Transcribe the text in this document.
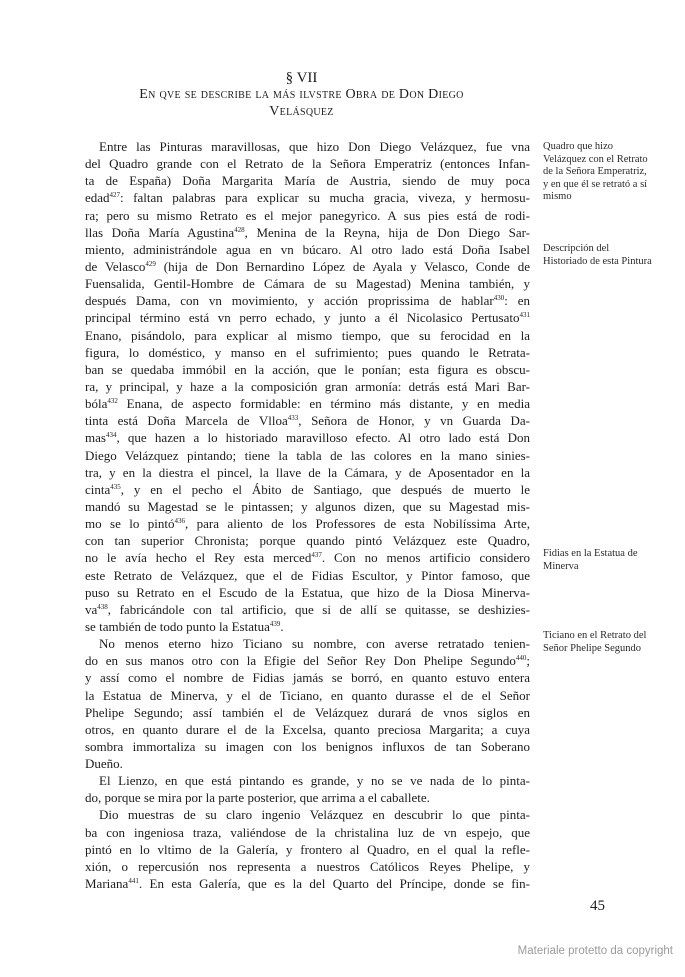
§ VII
En qve se describe la más ilvstre Obra de Don Diego
Velásquez
Entre las Pinturas maravillosas, que hizo Don Diego Velázquez, fue vna
del Quadro grande con el Retrato de la Señora Emperatriz (entonces Infan-
ta de España) Doña Margarita María de Austria, siendo de muy poca
edad$^{427}$: faltan palabras para explicar su mucha gracia, viveza, y hermosu-
ra; pero su mismo Retrato es el mejor panegyrico. A sus pies está de rodi-
llas Doña María Agustina$^{428}$, Menina de la Reyna, hija de Don Diego Sar-
miento, administrándole agua en vn búcaro. Al otro lado está Doña Isabel
de Velasco$^{429}$ (hija de Don Bernardino López de Ayala y Velasco, Conde de
Fuensalida, Gentil-Hombre de Cámara de su Magestad) Menina también, y
después Dama, con vn movimiento, y acción proprissima de hablar$^{430}$: en
principal término está vn perro echado, y junto a él Nicolasico Pertusato$^{431}$
Enano, pisándolo, para explicar al mismo tiempo, que su ferocidad en la
figura, lo doméstico, y manso en el sufrimiento; pues quando le Retrata-
ban se quedaba immóbil en la acción, que le ponían; esta figura es obscu-
ra, y principal, y haze a la composición gran armonía: detrás está Mari Bar-
bóla$^{432}$ Enana, de aspecto formidable: en término más distante, y en media
tinta está Doña Marcela de Vlloa$^{433}$, Señora de Honor, y vn Guarda Da-
mas$^{434}$, que hazen a lo historiado maravilloso efecto. Al otro lado está Don
Diego Velázquez pintando; tiene la tabla de las colores en la mano sinies-
tra, y en la diestra el pincel, la llave de la Cámara, y de Aposentador en la
cinta$^{435}$, y en el pecho el Ábito de Santiago, que después de muerto le
mandó su Magestad se le pintassen; y algunos dizen, que su Magestad mis-
mo se lo pintó$^{436}$, para aliento de los Professores de esta Nobilíssima Arte,
con tan superior Chronista; porque quando pintó Velázquez este Quadro,
no le avía hecho el Rey esta merced$^{437}$. Con no menos artificio considero
este Retrato de Velázquez, que el de Fidias Escultor, y Pintor famoso, que
puso su Retrato en el Escudo de la Estatua, que hizo de la Diosa Minerva-
$va^{438}$, fabricándole con tal artificio, que si de allí se quitasse, se deshizies-
se también de todo punto la Estatua$^{439}$.
No menos eterno hizo Ticiano su nombre, con averse retratado tenien-
do en sus manos otro con la Efigie del Señor Rey Don Phelipe Segundo$^{440}$;
y assí como el nombre de Fidias jamás se borró, en quanto estuvo entera
la Estatua de Minerva, y el de Ticiano, en quanto durasse el de el Señor
Phelipe Segundo; assí también el de Velázquez durará de vnos siglos en
otros, en quanto durare el de la Excelsa, quanto preciosa Margarita; a cuya
sombra immortaliza su imagen con los benignos influxos de tan Soberano
Dueño.
El Lienzo, en que está pintando es grande, y no se ve nada de lo pinta-
do, porque se mira por la parte posterior, que arrima a el caballete.
Dio muestras de su claro ingenio Velázquez en descubrir lo que pinta-
ba con ingeniosa traza, valiéndose de la christalina luz de vn espejo, que
pintó en lo vltimo de la Galería, y frontero al Quadro, en el qual la refle-
xión, o repercusión nos representa a nuestros Católicos Reyes Phelipe, y
Mariana$^{441}$. En esta Galería, que es la del Quarto del Príncipe, donde se fin-
Quadro que hizo Velázquez con el Retrato de la Señora Emperatriz, y en que él se retrató a sí mismo
Descripción del Historiado de esta Pintura
Fidias en la Estatua de Minerva
Ticiano en el Retrato del Señor Phelipe Segundo
45
Materiale protetto da copyright
